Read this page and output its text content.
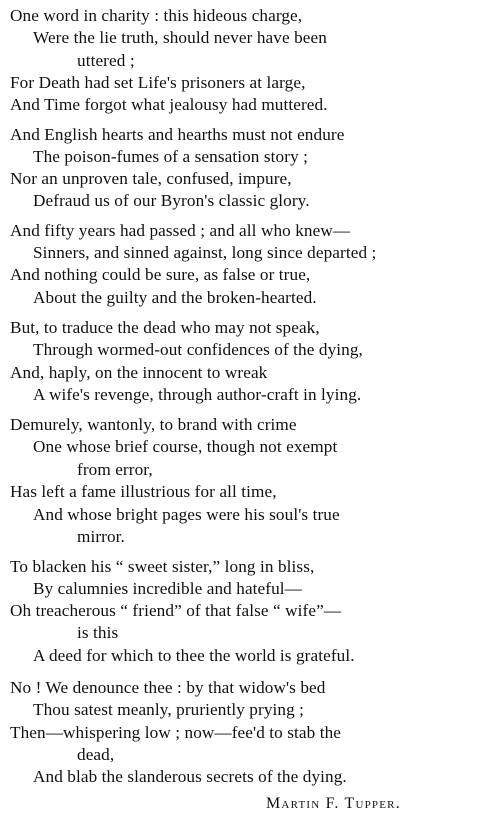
One word in charity : this hideous charge,
Were the lie truth, should never have been
uttered ;
For Death had set Life's prisoners at large,
And Time forgot what jealousy had muttered.
And English hearts and hearths must not endure
The poison-fumes of a sensation story ;
Nor an unproven tale, confused, impure,
Defraud us of our Byron's classic glory.
And fifty years had passed ; and all who knew—
Sinners, and sinned against, long since departed ;
And nothing could be sure, as false or true,
About the guilty and the broken-hearted.
But, to traduce the dead who may not speak,
Through wormed-out confidences of the dying,
And, haply, on the innocent to wreak
A wife's revenge, through author-craft in lying.
Demurely, wantonly, to brand with crime
One whose brief course, though not exempt
from error,
Has left a fame illustrious for all time,
And whose bright pages were his soul's true
mirror.
To blacken his “ sweet sister,” long in bliss,
By calumnies incredible and hateful—
Oh treacherous “ friend” of that false “ wife”—
is this
A deed for which to thee the world is grateful.
No ! We denounce thee : by that widow's bed
Thou satest meanly, pruriently prying ;
Then—whispering low ; now—fee'd to stab the
dead,
And blab the slanderous secrets of the dying.
Martin F. Tupper.
